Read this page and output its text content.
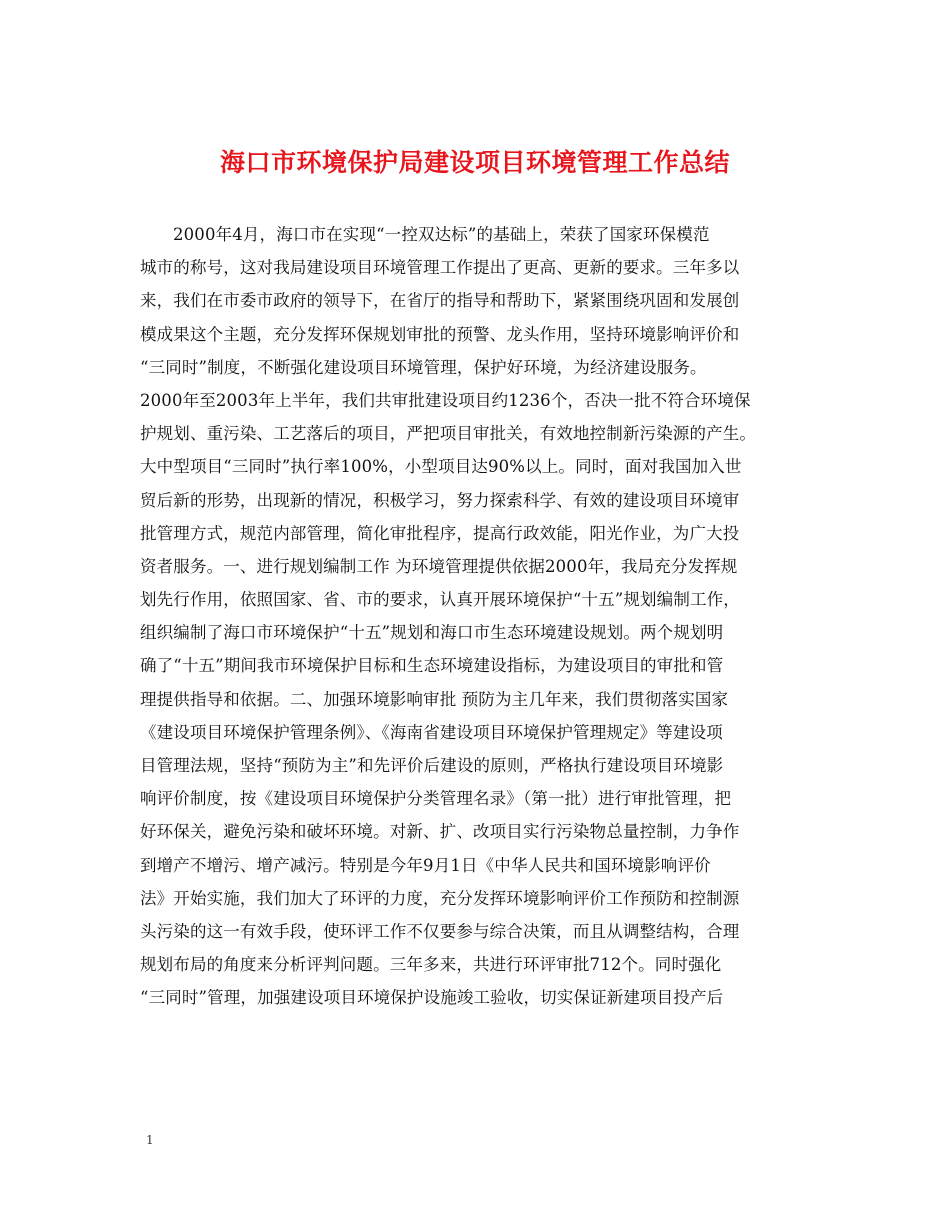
海口市环境保护局建设项目环境管理工作总结
2000年4月，海口市在实现“一控双达标”的基础上，荣获了国家环保模范
城市的称号，这对我局建设项目环境管理工作提出了更高、更新的要求。三年多以
来，我们在市委市政府的领导下，在省厅的指导和帮助下，紧紧围绕巩固和发展创
模成果这个主题，充分发挥环保规划审批的预警、龙头作用，坚持环境影响评价和
“三同时”制度，不断强化建设项目环境管理，保护好环境，为经济建设服务。
2000年至2003年上半年，我们共审批建设项目约1236个，否决一批不符合环境保
护规划、重污染、工艺落后的项目，严把项目审批关，有效地控制新污染源的产生。
大中型项目“三同时”执行率100%，小型项目达90%以上。同时，面对我国加入世
贸后新的形势，出现新的情况，积极学习，努力探索科学、有效的建设项目环境审
批管理方式，规范内部管理，简化审批程序，提高行政效能，阳光作业，为广大投
资者服务。一、进行规划编制工作 为环境管理提供依据2000年，我局充分发挥规
划先行作用，依照国家、省、市的要求，认真开展环境保护“十五”规划编制工作，
组织编制了海口市环境保护“十五”规划和海口市生态环境建设规划。两个规划明
确了“十五”期间我市环境保护目标和生态环境建设指标，为建设项目的审批和管
理提供指导和依据。二、加强环境影响审批 预防为主几年来，我们贯彻落实国家
《建设项目环境保护管理条例》、《海南省建设项目环境保护管理规定》等建设项
目管理法规，坚持“预防为主”和先评价后建设的原则，严格执行建设项目环境影
响评价制度，按《建设项目环境保护分类管理名录》（第一批）进行审批管理，把
好环保关，避免污染和破坏环境。对新、扩、改项目实行污染物总量控制，力争作
到增产不增污、增产减污。特别是今年9月1日《中华人民共和国环境影响评价
法》开始实施，我们加大了环评的力度，充分发挥环境影响评价工作预防和控制源
头污染的这一有效手段，使环评工作不仅要参与综合决策，而且从调整结构，合理
规划布局的角度来分析评判问题。三年多来，共进行环评审批712个。同时强化
“三同时”管理，加强建设项目环境保护设施竣工验收，切实保证新建项目投产后
1
